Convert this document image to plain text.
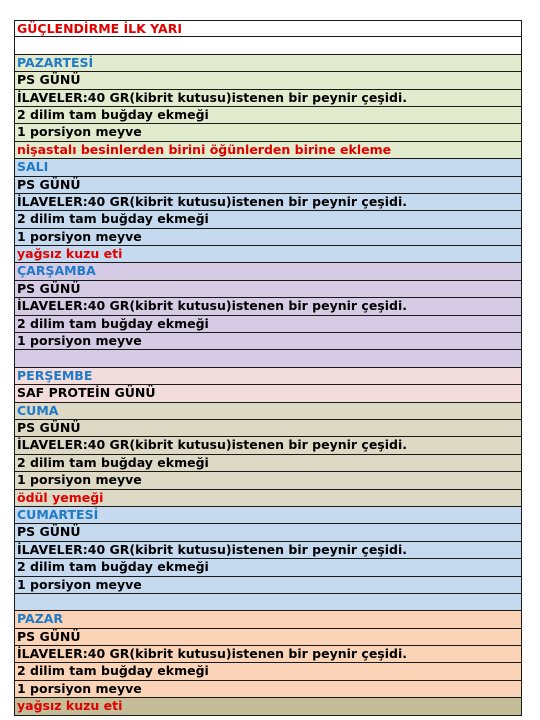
GÜÇLENDİRME İLK YARI
PAZARTESİ
PS GÜNÜ
İLAVELER:40 GR(kibrit kutusu)istenen bir peynir çeşidi.
2 dilim tam buğday ekmeği
1 porsiyon meyve
nişastalı besinlerden birini öğünlerden birine ekleme
SALI
PS GÜNÜ
İLAVELER:40 GR(kibrit kutusu)istenen bir peynir çeşidi.
2 dilim tam buğday ekmeği
1 porsiyon meyve
yağsız kuzu eti
ÇARŞAMBA
PS GÜNÜ
İLAVELER:40 GR(kibrit kutusu)istenen bir peynir çeşidi.
2 dilim tam buğday ekmeği
1 porsiyon meyve
PERŞEMBE
SAF PROTEİN GÜNÜ
CUMA
PS GÜNÜ
İLAVELER:40 GR(kibrit kutusu)istenen bir peynir çeşidi.
2 dilim tam buğday ekmeği
1 porsiyon meyve
ödül yemeği
CUMARTESİ
PS GÜNÜ
İLAVELER:40 GR(kibrit kutusu)istenen bir peynir çeşidi.
2 dilim tam buğday ekmeği
1 porsiyon meyve
PAZAR
PS GÜNÜ
İLAVELER:40 GR(kibrit kutusu)istenen bir peynir çeşidi.
2 dilim tam buğday ekmeği
1 porsiyon meyve
yağsız kuzu eti
